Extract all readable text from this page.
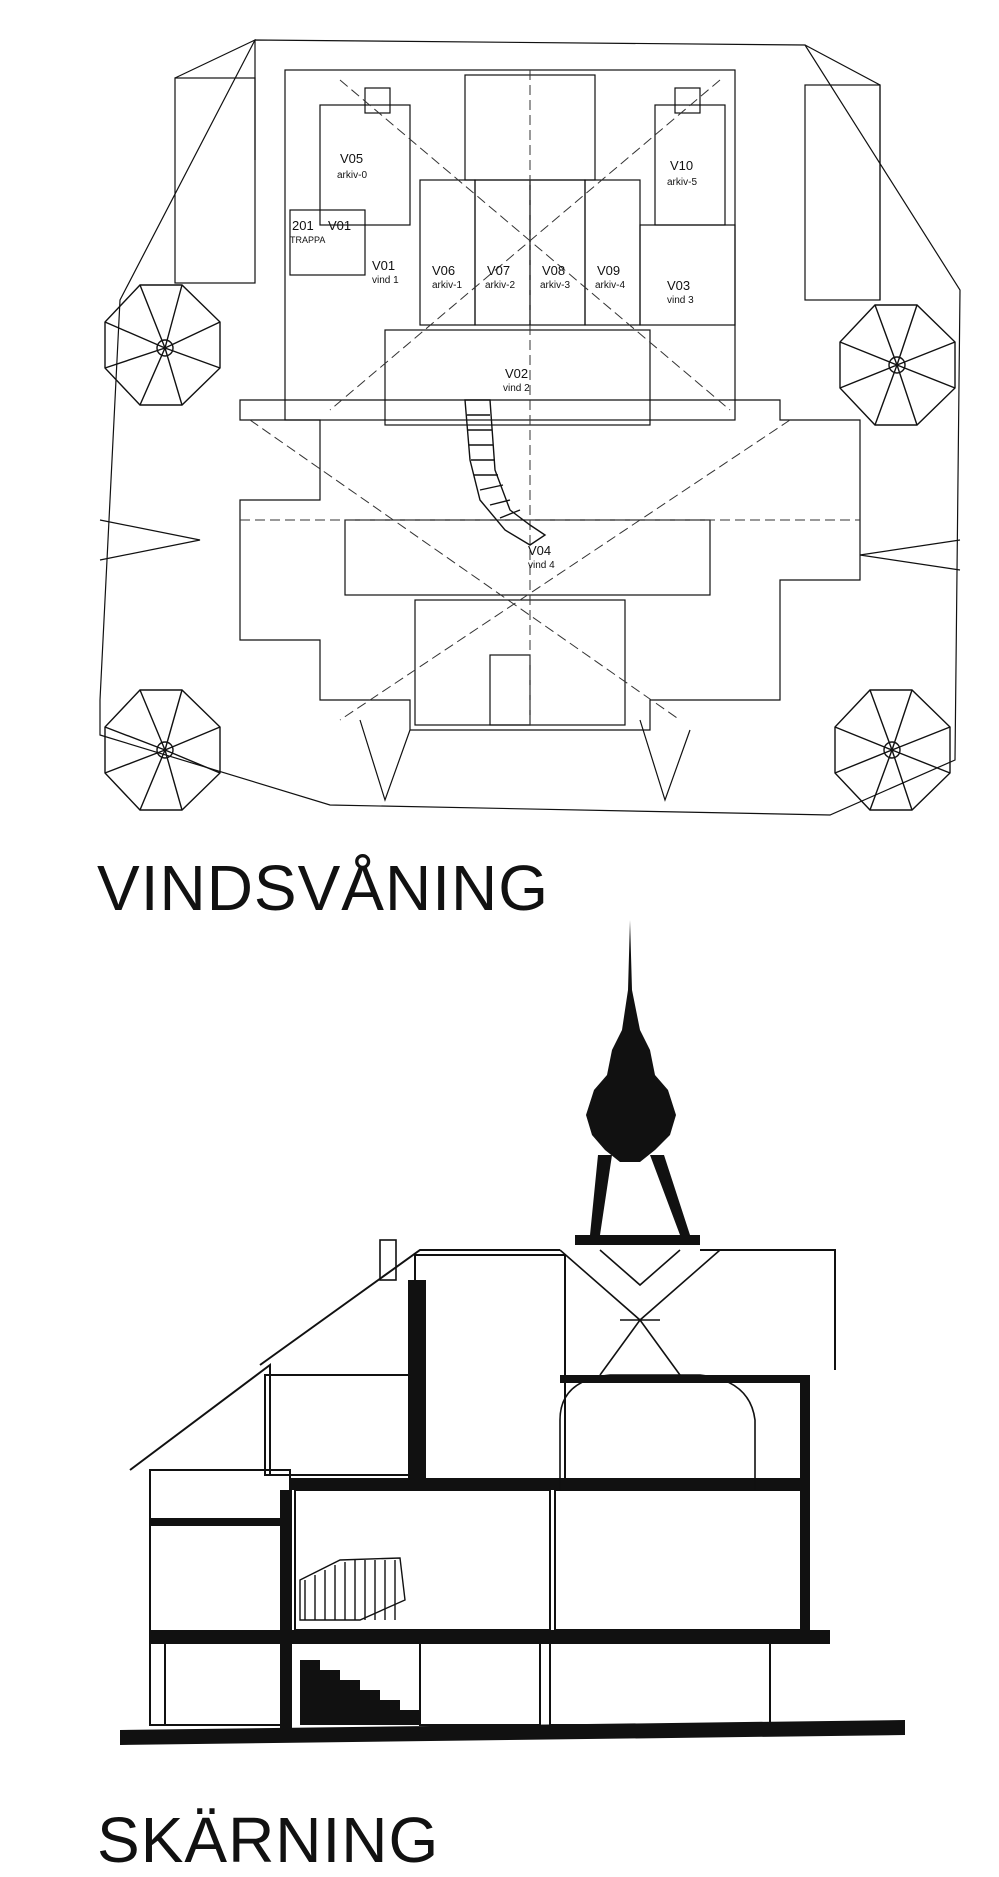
V05
arkiv-0
201
TRAPPA
V01
V01
vind 1
V06
arkiv-1
V07
arkiv-2
V08
arkiv-3
V09
arkiv-4
V10
arkiv-5
V03
vind 3
V02
vind 2
V04
vind 4
VINDSVÅNING
SKÄRNING
